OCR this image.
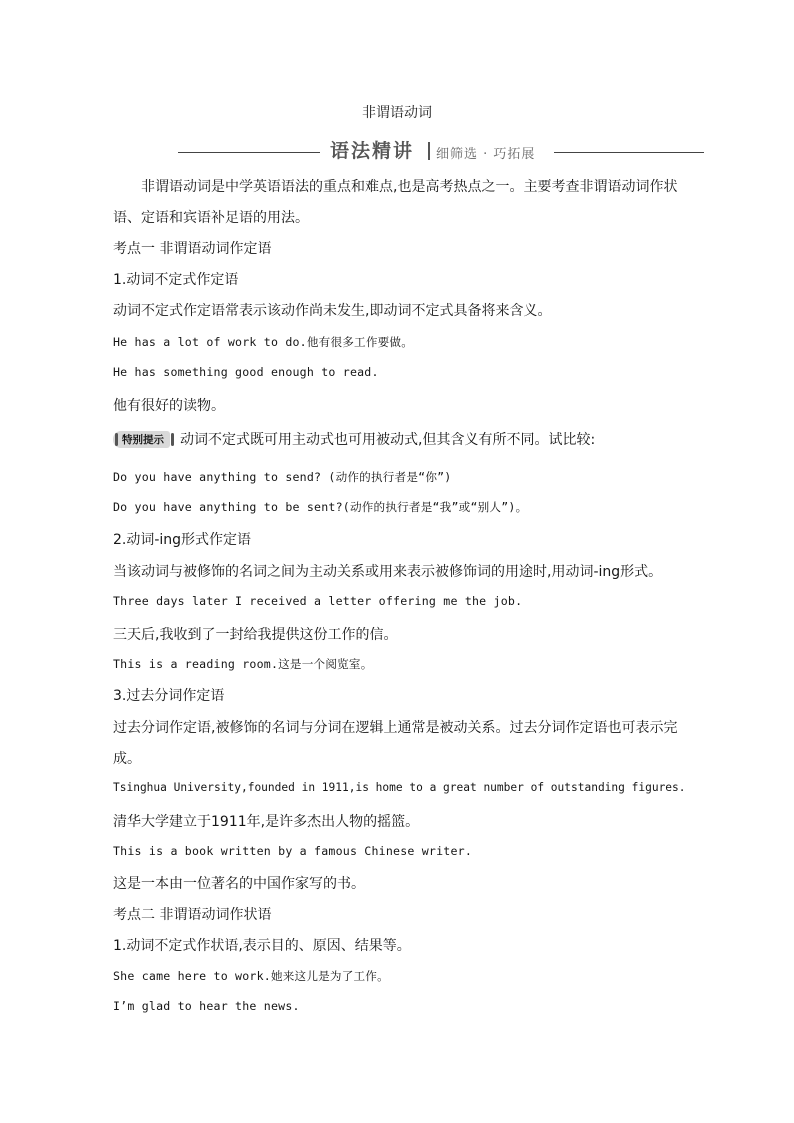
非谓语动词
语法精讲 细筛选 · 巧拓展
非谓语动词是中学英语语法的重点和难点,也是高考热点之一。主要考查非谓语动词作状
语、定语和宾语补足语的用法。
考点一 非谓语动词作定语
1.动词不定式作定语
动词不定式作定语常表示该动作尚未发生,即动词不定式具备将来含义。
He has a lot of work to do.他有很多工作要做。
He has something good enough to read.
他有很好的读物。
特别提示	动词不定式既可用主动式也可用被动式,但其含义有所不同。试比较:
Do you have anything to send? (动作的执行者是“你”)
Do you have anything to be sent?(动作的执行者是“我”或“别人”)。
2.动词-ing形式作定语
当该动词与被修饰的名词之间为主动关系或用来表示被修饰词的用途时,用动词-ing形式。
Three days later I received a letter offering me the job.
三天后,我收到了一封给我提供这份工作的信。
This is a reading room.这是一个阅览室。
3.过去分词作定语
过去分词作定语,被修饰的名词与分词在逻辑上通常是被动关系。过去分词作定语也可表示完
成。
Tsinghua University,founded in 1911,is home to a great number of outstanding figures.
清华大学建立于1911年,是许多杰出人物的摇篮。
This is a book written by a famous Chinese writer.
这是一本由一位著名的中国作家写的书。
考点二 非谓语动词作状语
1.动词不定式作状语,表示目的、原因、结果等。
She came here to work.她来这儿是为了工作。
I’m glad to hear the news.
